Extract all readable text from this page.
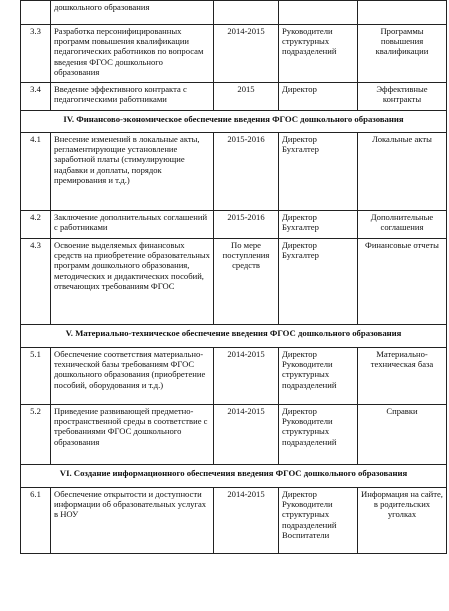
	дошкольного образования			
3.3	Разработка персонифицированных программ повышения квалификации педагогических работников по вопросам введения ФГОС дошкольного образования	2014-2015	Руководители структурных подразделений	Программы повышения квалификации
3.4	Введение эффективного контракта с педагогическими работниками	2015	Директор	Эффективные контракты
IV. Финансово-экономическое обеспечение введения ФГОС дошкольного образования				
4.1	Внесение изменений в локальные акты, регламентирующие установление заработной платы (стимулирующие надбавки и доплаты, порядок премирования и т.д.)	2015-2016	Директор Бухгалтер	Локальные акты
4.2	Заключение дополнительных соглашений с работниками	2015-2016	Директор Бухгалтер	Дополнительные соглашения
4.3	Освоение выделяемых финансовых средств на приобретение образовательных программ дошкольного образования, методических и дидактических пособий, отвечающих требованиям ФГОС	По мере поступления средств	Директор Бухгалтер	Финансовые отчеты
V. Материально-техническое обеспечение введения ФГОС дошкольного образования				
5.1	Обеспечение соответствия материально-технической базы требованиям ФГОС дошкольного образования (приобретение пособий, оборудования и т.д.)	2014-2015	Директор Руководители структурных подразделений	Материально-техническая база
5.2	Приведение развивающей предметно-пространственной среды в соответствие с требованиями ФГОС дошкольного образования	2014-2015	Директор Руководители структурных подразделений	Справки
VI. Создание информационного обеспечения введения ФГОС дошкольного образования				
6.1	Обеспечение открытости и доступности информации об образовательных услугах в НОУ	2014-2015	Директор Руководители структурных подразделений Воспитатели	Информация на сайте, в родительских уголках
